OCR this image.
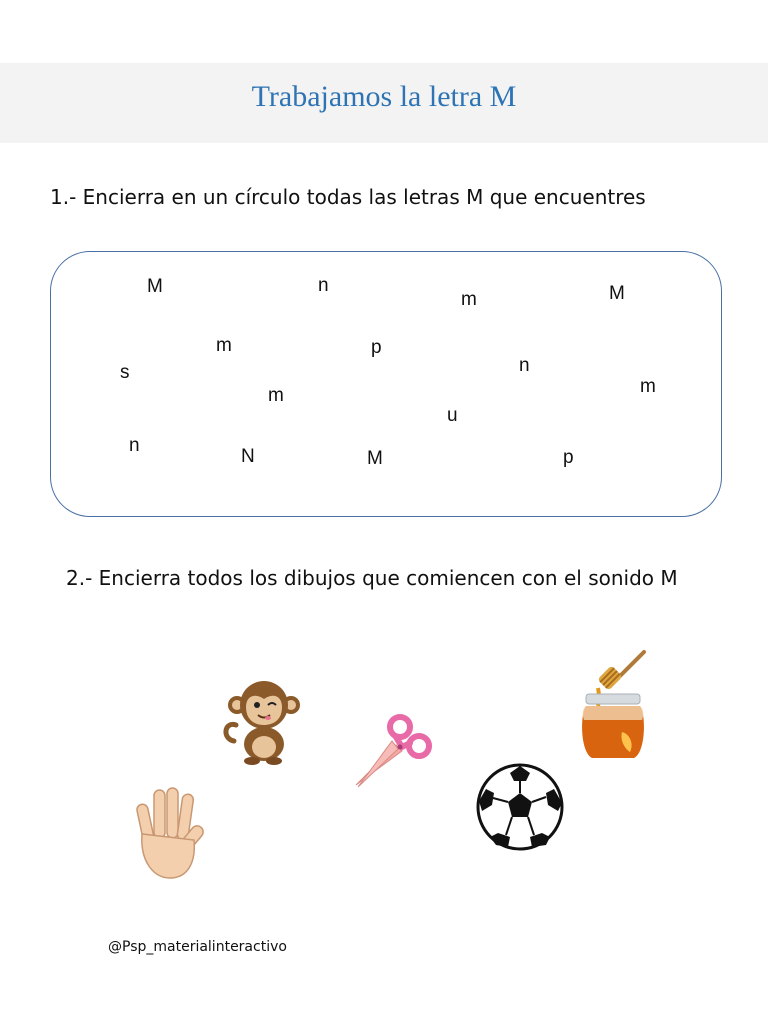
Trabajamos la letra M
1.- Encierra en un círculo todas las letras M que encuentres
M	n
m	M
m	p
s	n
m	m
u
n
N	M	p
2.- Encierra todos los dibujos que comiencen con el sonido M
@Psp_materialinteractivo
